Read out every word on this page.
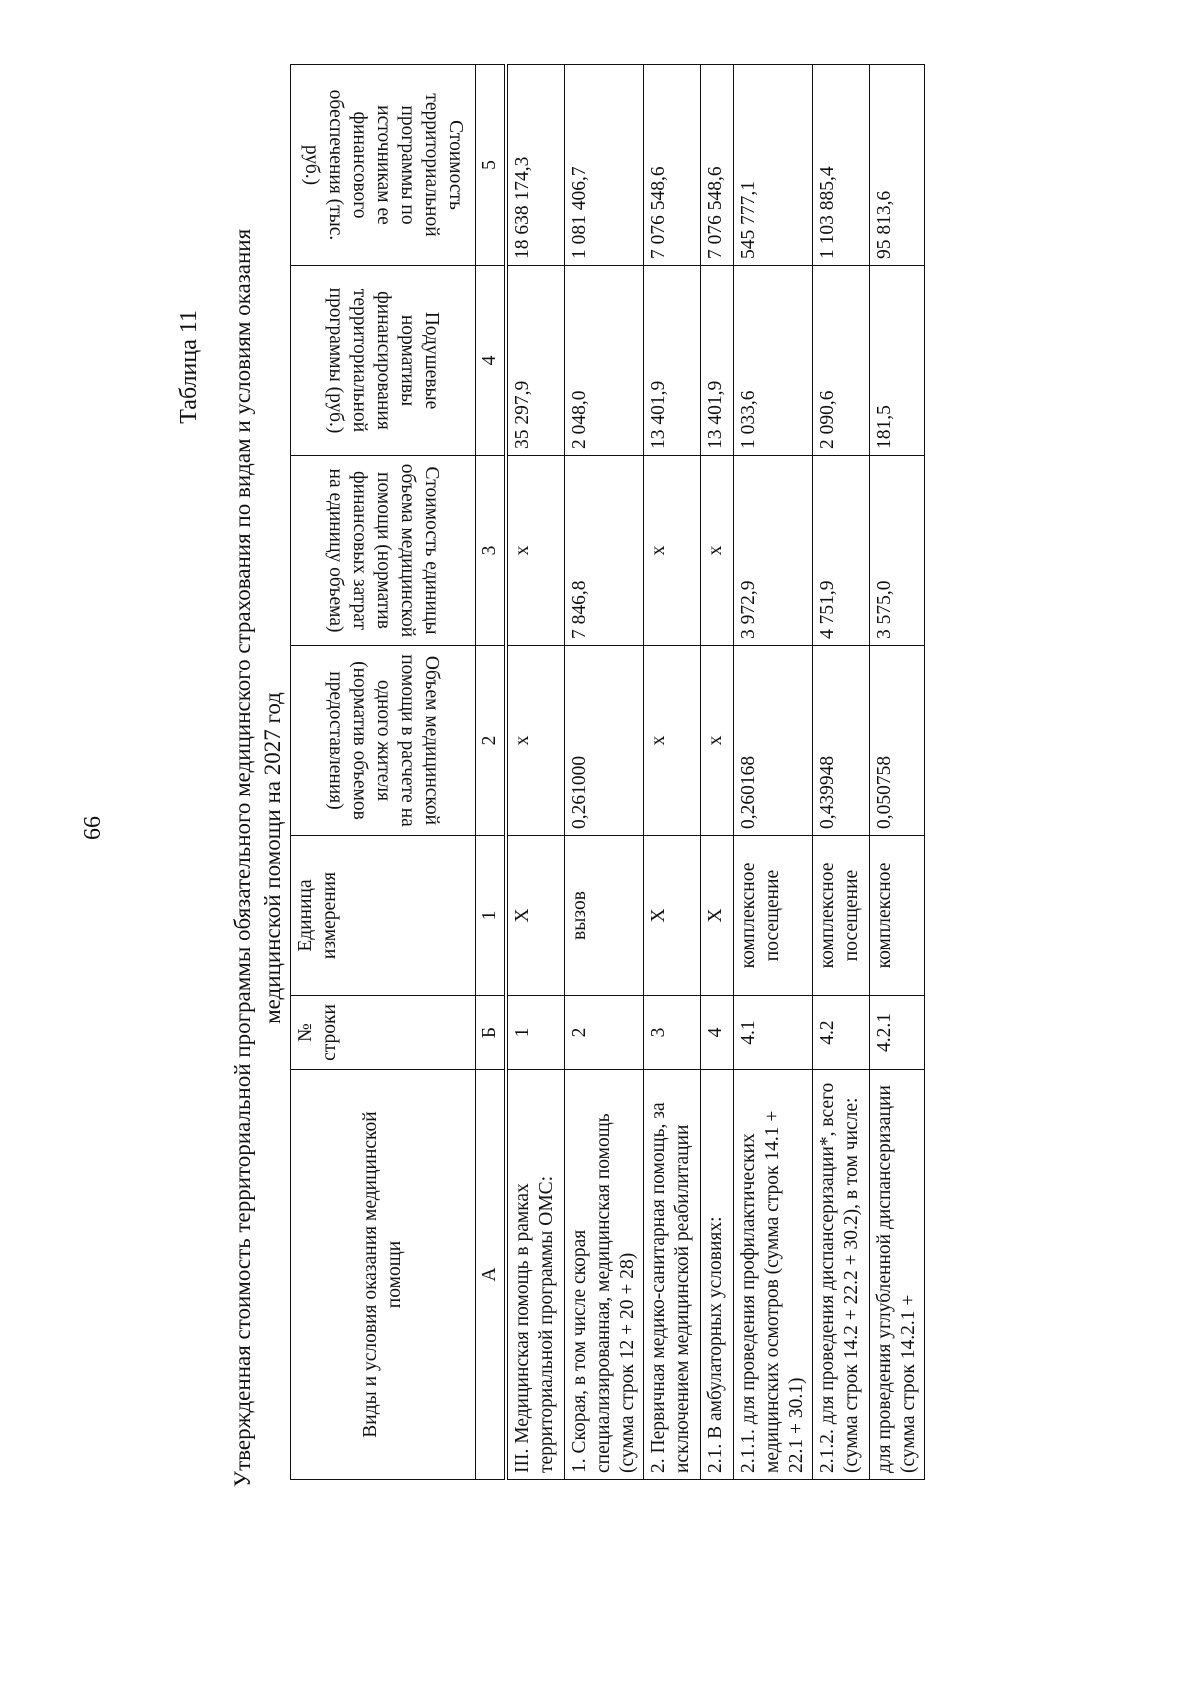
66
Таблица 11 Утвержденная стоимость территориальной программы обязательного медицинского страхования по видам и условиям оказания медицинской помощи на 2027 год
Виды и условия оказания медицинской помощи	№ строки	Единица измерения	Объем медицинской помощи в расчете на одного жителя (норматив объемов предоставления)	Стоимость единицы объема медицинской помощи (норматив финансовых затрат на единицу объема)	Подушевые нормативы финансирования территориальной программы (руб.)	Стоимость территориальной программы по источникам ее финансового обеспечения (тыс. руб.)
А	Б	1	2	3	4	5
III. Медицинская помощь в рамках территориальной программы ОМС:	1	Х	х	х	35 297,9	18 638 174,3
1. Скорая, в том числе скорая специализированная, медицинская помощь (сумма строк 12 + 20 + 28)	2	вызов	0,261000	7 846,8	2 048,0	1 081 406,7
2. Первичная медико-санитарная помощь, за исключением медицинской реабилитации	3	Х	х	х	13 401,9	7 076 548,6
2.1. В амбулаторных условиях:	4	Х	х	х	13 401,9	7 076 548,6
2.1.1. для проведения профилактических медицинских осмотров (сумма строк 14.1 + 22.1 + 30.1)	4.1	комплексное посещение	0,260168	3 972,9	1 033,6	545 777,1
2.1.2. для проведения диспансеризации*, всего (сумма строк 14.2 + 22.2 + 30.2), в том числе:	4.2	комплексное посещение	0,439948	4 751,9	2 090,6	1 103 885,4
для проведения углубленной диспансеризации (сумма строк 14.2.1 +	4.2.1	комплексное	0,050758	3 575,0	181,5	95 813,6
